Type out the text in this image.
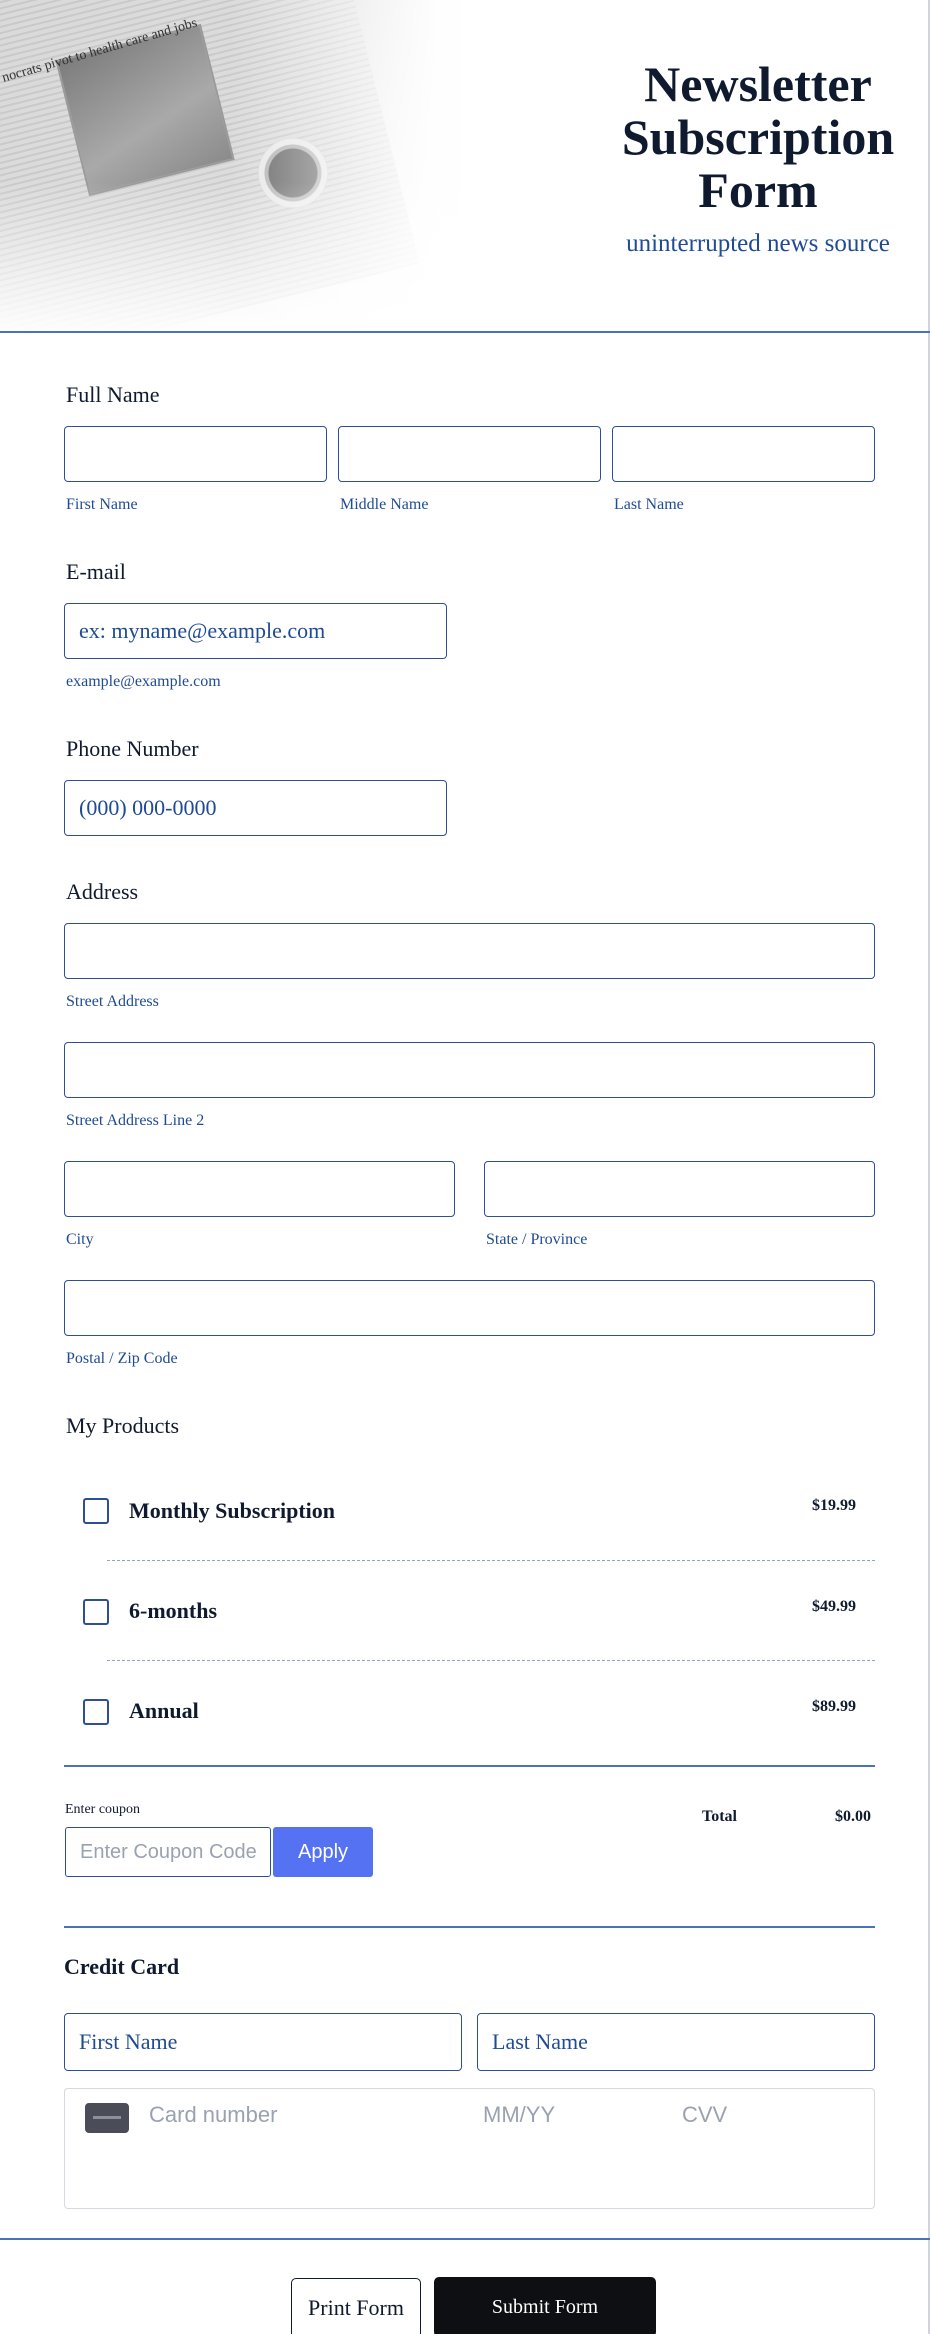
Newsletter
Subscription
Form
uninterrupted news source
Full Name
First Name	Middle Name	Last Name
E-mail
ex: myname@example.com
example@example.com
Phone Number
(000) 000-0000
Address
Street Address
Street Address Line 2
City	State / Province
Postal / Zip Code
My Products
Monthly Subscription	$19.99
6-months	$49.99
Annual	$89.99
Enter coupon
Enter Coupon Code
Apply
Total	$0.00
Credit Card
First Name
Last Name
Card number	MM/YY	CVV
Print Form	Submit Form
